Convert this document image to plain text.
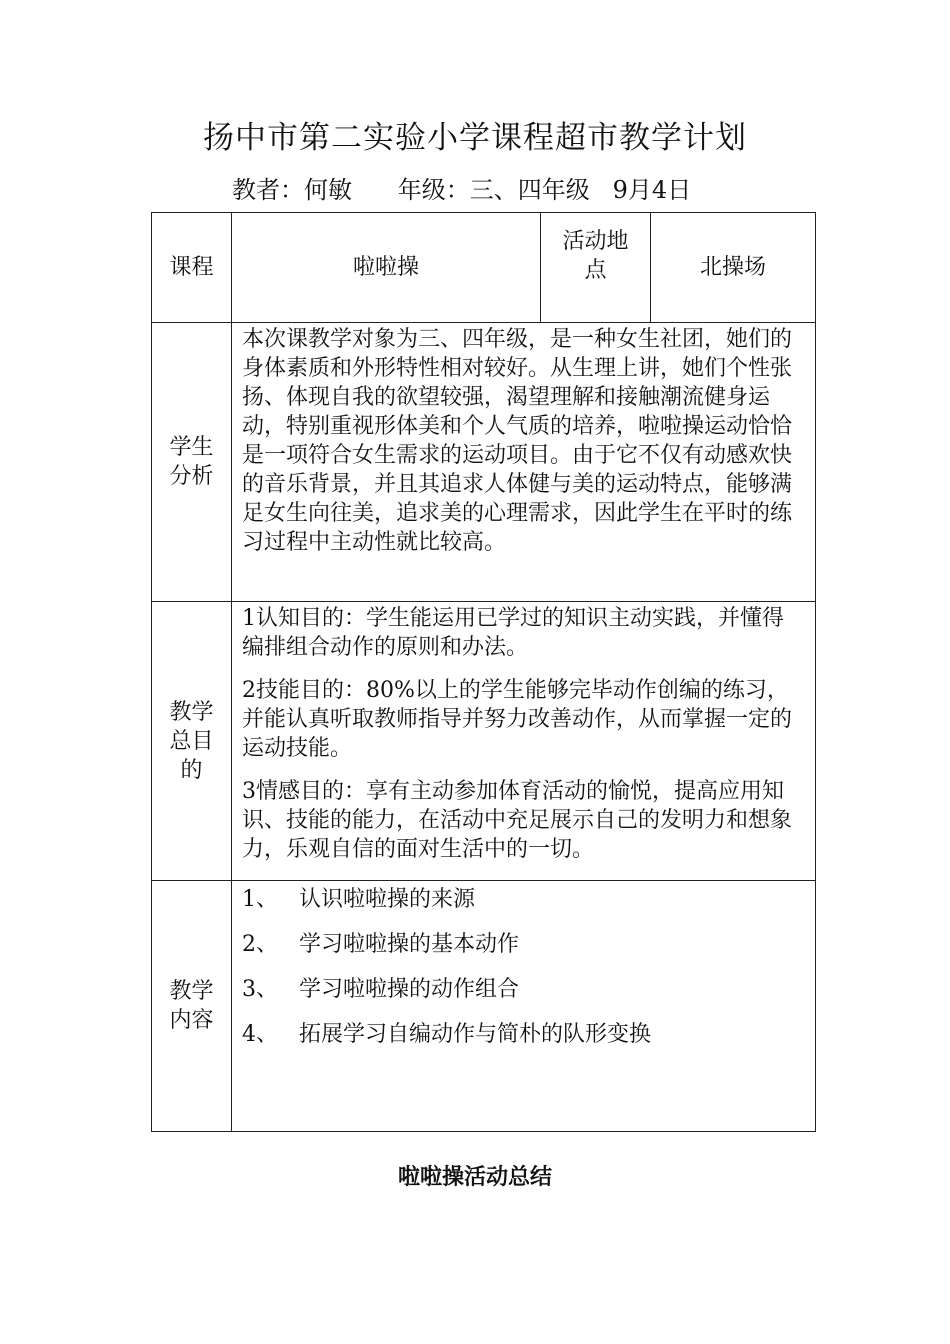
扬中市第二实验小学课程超市教学计划
教者：何敏      年级：三、四年级   9月4日
课程	啦啦操	活动地点	北操场
学生分析	本次课教学对象为三、四年级，是一种女生社团，她们的身体素质和外形特性相对较好。从生理上讲，她们个性张扬、体现自我的欲望较强，渴望理解和接触潮流健身运动，特别重视形体美和个人气质的培养，啦啦操运动恰恰是一项符合女生需求的运动项目。由于它不仅有动感欢快的音乐背景，并且其追求人体健与美的运动特点，能够满足女生向往美，追求美的心理需求，因此学生在平时的练习过程中主动性就比较高。		

教学总目的	1认知目的：学生能运用已学过的知识主动实践，并懂得编排组合动作的原则和办法。
2技能目的：80%以上的学生能够完毕动作创编的练习，并能认真听取教师指导并努力改善动作，从而掌握一定的运动技能。
3情感目的：享有主动参加体育活动的愉悦，提高应用知识、技能的能力，在活动中充足展示自己的发明力和想象力，乐观自信的面对生活中的一切。		

教学内容	1、   认识啦啦操的来源
2、   学习啦啦操的基本动作
3、   学习啦啦操的动作组合
4、   拓展学习自编动作与简朴的队形变换		
啦啦操活动总结
